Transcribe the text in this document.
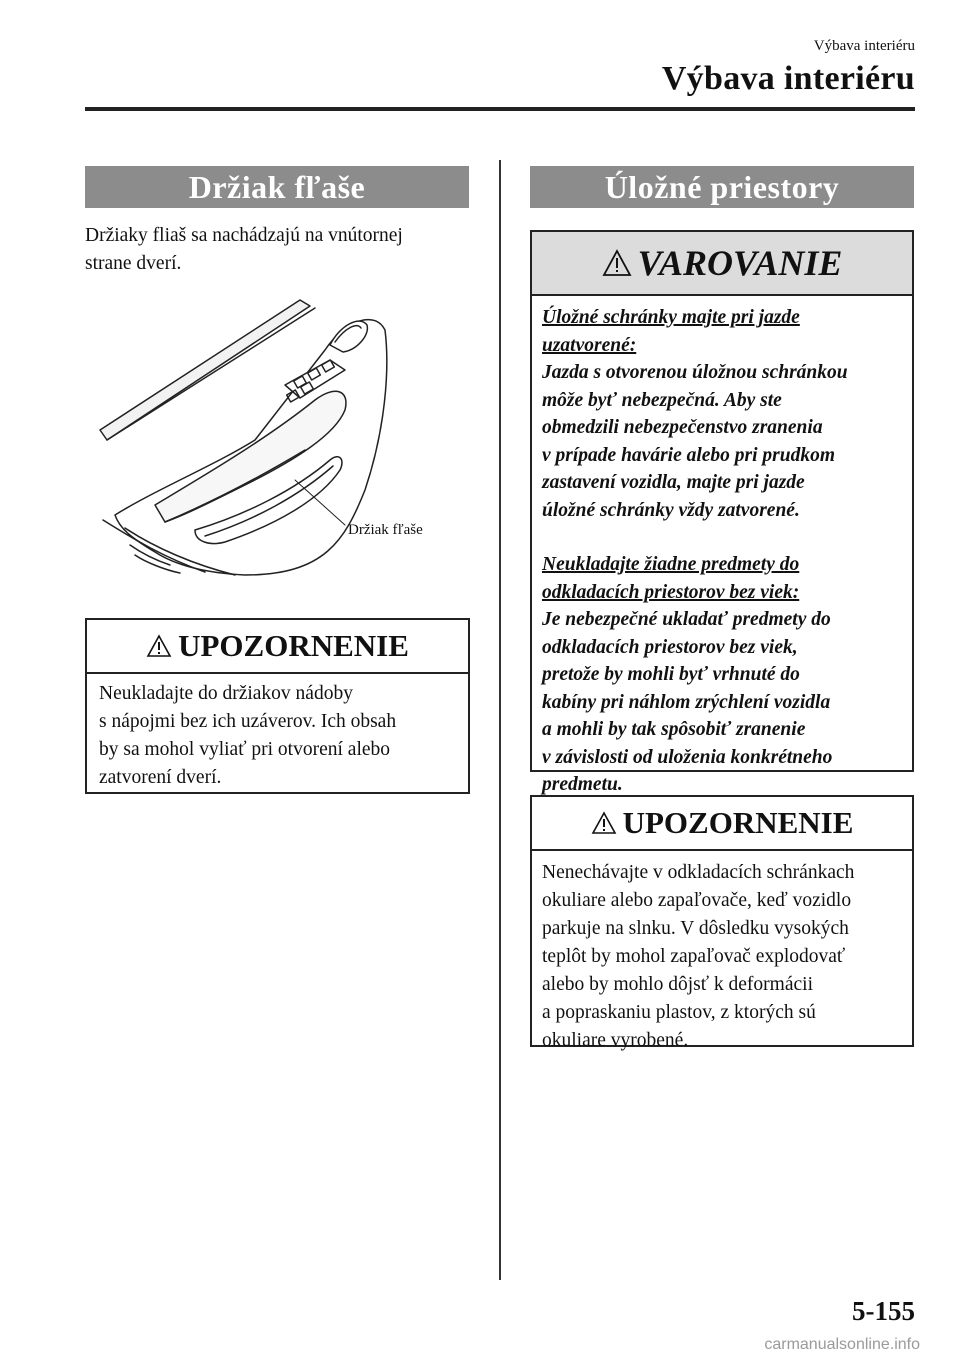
Výbava interiéru
Výbava interiéru
Držiak fľaše
Držiaky fliaš sa nachádzajú na vnútornej
strane dverí.
Držiak fľaše
UPOZORNENIE
Neukladajte do držiakov nádoby
s nápojmi bez ich uzáverov. Ich obsah
by sa mohol vyliať pri otvorení alebo
zatvorení dverí.
Úložné priestory
VAROVANIE
Úložné schránky majte pri jazde
uzatvorené:
Jazda s otvorenou úložnou schránkou
môže byť nebezpečná. Aby ste
obmedzili nebezpečenstvo zranenia
v prípade havárie alebo pri prudkom
zastavení vozidla, majte pri jazde
úložné schránky vždy zatvorené.
Neukladajte žiadne predmety do
odkladacích priestorov bez viek:
Je nebezpečné ukladať predmety do
odkladacích priestorov bez viek,
pretože by mohli byť vrhnuté do
kabíny pri náhlom zrýchlení vozidla
a mohli by tak spôsobiť zranenie
v závislosti od uloženia konkrétneho
predmetu.
UPOZORNENIE
Nenechávajte v odkladacích schránkach
okuliare alebo zapaľovače, keď vozidlo
parkuje na slnku. V dôsledku vysokých
teplôt by mohol zapaľovač explodovať
alebo by mohlo dôjsť k deformácii
a popraskaniu plastov, z ktorých sú
okuliare vyrobené.
5-155
carmanualsonline.info
